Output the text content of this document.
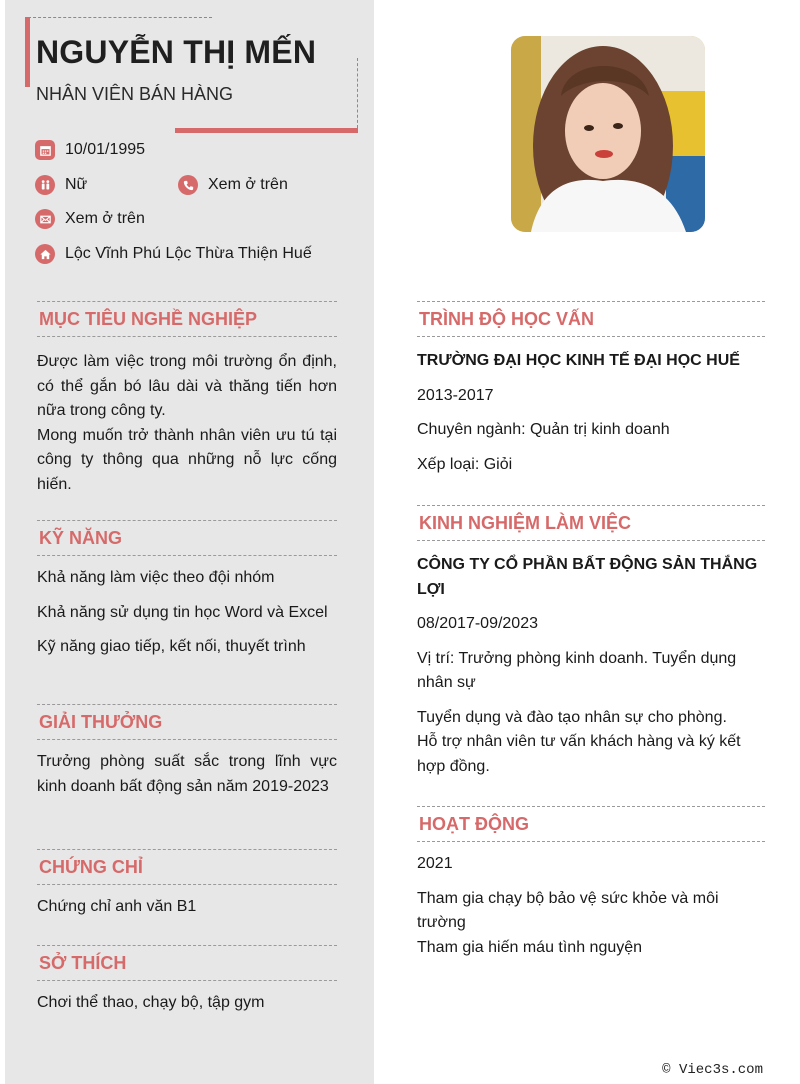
NGUYỄN THỊ MẾN
NHÂN VIÊN BÁN HÀNG
10/01/1995
Nữ	Xem ở trên
Xem ở trên
Lộc Vĩnh Phú Lộc Thừa Thiện Huế
MỤC TIÊU NGHỀ NGHIỆP
Được làm việc trong môi trường ổn định, có thể gắn bó lâu dài và thăng tiến hơn nữa trong công ty.
Mong muốn trở thành nhân viên ưu tú tại công ty thông qua những nỗ lực cống hiến.
KỸ NĂNG
Khả năng làm việc theo đội nhóm
Khả năng sử dụng tin học Word và Excel
Kỹ năng giao tiếp, kết nối, thuyết trình
GIẢI THƯỞNG
Trưởng phòng suất sắc trong lĩnh vực kinh doanh bất động sản năm 2019-2023
CHỨNG CHỈ
Chứng chỉ anh văn B1
SỞ THÍCH
Chơi thể thao, chạy bộ, tập gym
TRÌNH ĐỘ HỌC VẤN
TRƯỜNG ĐẠI HỌC KINH TẾ ĐẠI HỌC HUẾ
2013-2017
Chuyên ngành: Quản trị kinh doanh
Xếp loại: Giỏi
KINH NGHIỆM LÀM VIỆC
CÔNG TY CỔ PHẦN BẤT ĐỘNG SẢN THẮNG LỢI
08/2017-09/2023
Vị trí: Trưởng phòng kinh doanh. Tuyển dụng nhân sự
Tuyển dụng và đào tạo nhân sự cho phòng.
Hỗ trợ nhân viên tư vấn khách hàng và ký kết hợp đồng.
HOẠT ĐỘNG
2021
Tham gia chạy bộ bảo vệ sức khỏe và môi trường
Tham gia hiến máu tình nguyện
© Viec3s.com
